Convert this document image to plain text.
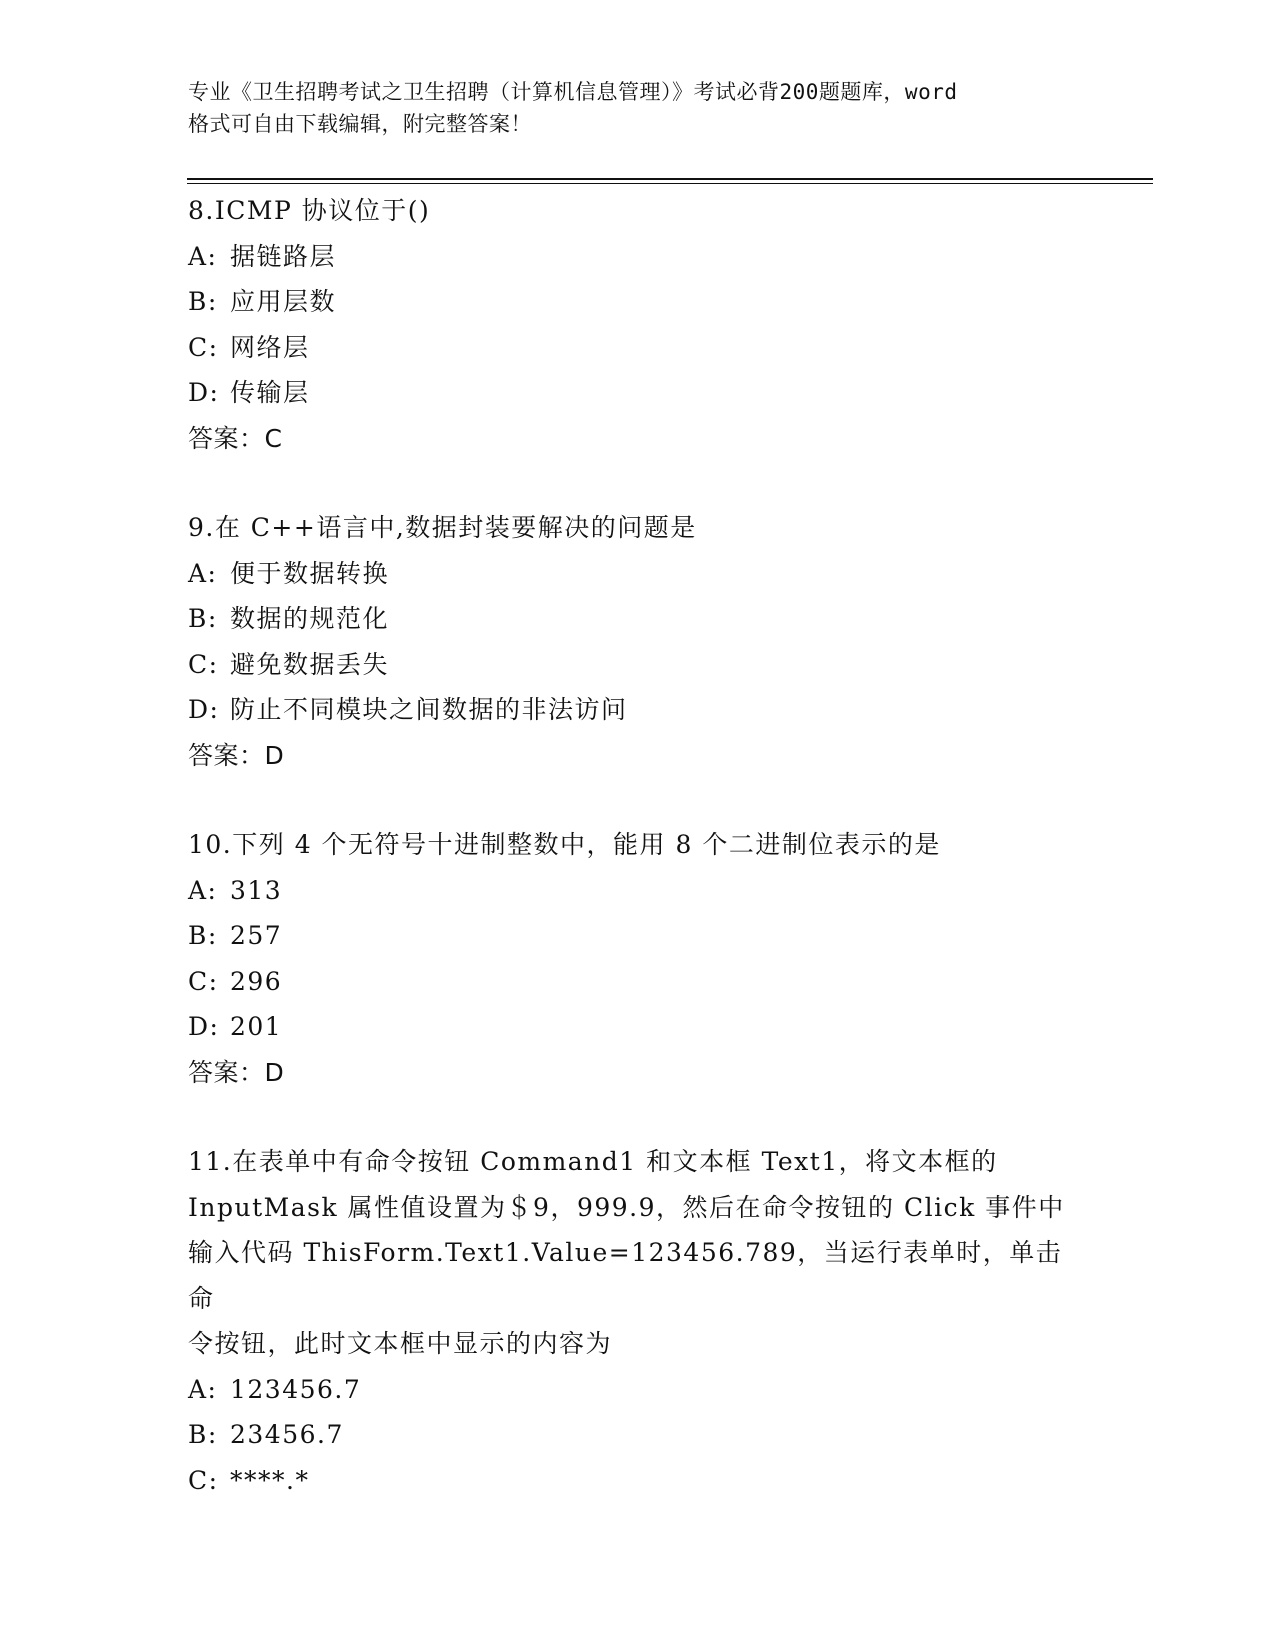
专业《卫生招聘考试之卫生招聘（计算机信息管理）》考试必背200题题库，word
格式可自由下载编辑，附完整答案！

8.ICMP 协议位于()

A: 据链路层

B: 应用层数

C: 网络层

D: 传输层

答案：C

9.在 C++语言中,数据封装要解决的问题是

A: 便于数据转换

B: 数据的规范化

C: 避免数据丢失

D: 防止不同模块之间数据的非法访问

答案：D

10.下列 4 个无符号十进制整数中，能用 8 个二进制位表示的是

A: 313

B: 257

C: 296

D: 201

答案：D

11.在表单中有命令按钮 Command1 和文本框 Text1，将文本框的
InputMask 属性值设置为＄9，999.9，然后在命令按钮的 Click 事件中
输入代码 ThisForm.Text1.Value=123456.789，当运行表单时，单击命
令按钮，此时文本框中显示的内容为

A: 123456.7

B: 23456.7

C: ****.*
